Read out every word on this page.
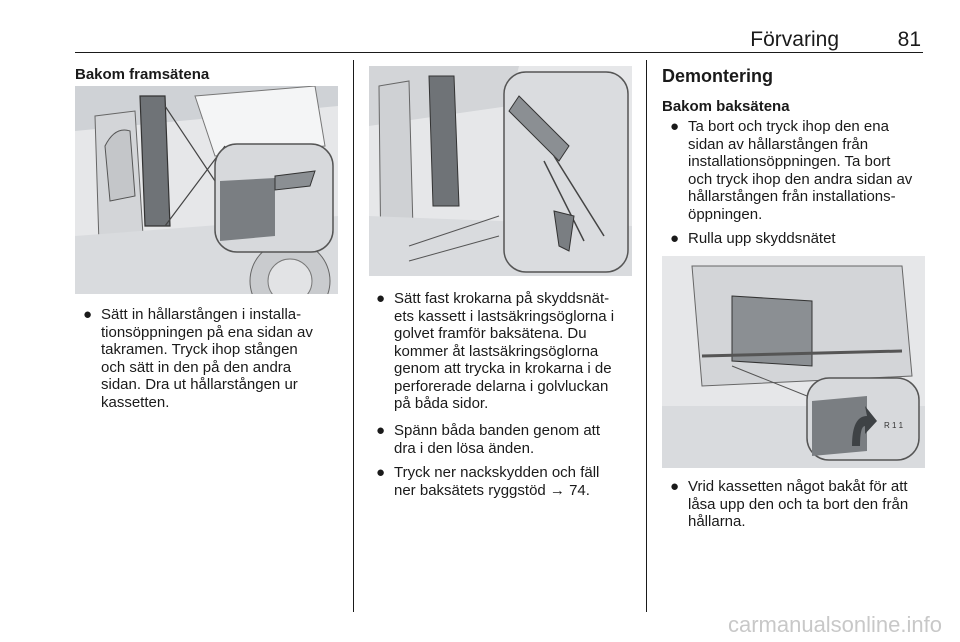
Förvaring	81
Bakom framsätena
● Sätt in hållarstången i installa-
tionsöppningen på ena sidan av
takramen. Tryck ihop stången
och sätt in den på den andra
sidan. Dra ut hållarstången ur
kassetten.
● Sätt fast krokarna på skyddsnät-
ets kassett i lastsäkringsöglorna i
golvet framför baksätena. Du
kommer åt lastsäkringsöglorna
genom att trycka in krokarna i de
perforerade delarna i golvluckan
på båda sidor.
● Spänn båda banden genom att
dra i den lösa änden.
● Tryck ner nackskydden och fäll
ner baksätets ryggstöd → 74.
Demontering
Bakom baksätena
● Ta bort och tryck ihop den ena
sidan av hållarstången från
installationsöppningen. Ta bort
och tryck ihop den andra sidan av
hållarstången från installations-
öppningen.
● Rulla upp skyddsnätet
R 1 1
● Vrid kassetten något bakåt för att
låsa upp den och ta bort den från
hållarna.
carmanualsonline.info
